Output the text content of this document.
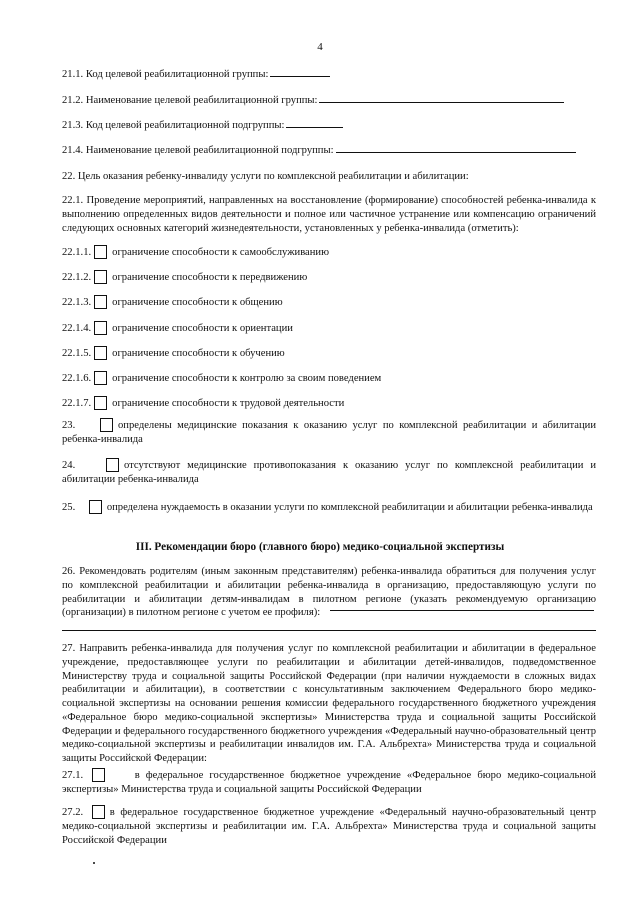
4
21.1. Код целевой реабилитационной группы:
21.2. Наименование целевой реабилитационной группы:
21.3. Код целевой реабилитационной подгруппы:
21.4. Наименование целевой реабилитационной подгруппы:
22. Цель оказания ребенку-инвалиду услуги по комплексной реабилитации и абилитации:
22.1. Проведение мероприятий, направленных на восстановление (формирование) способностей ребенка-инвалида к выполнению определенных видов деятельности и полное или частичное устранение или компенсацию ограничений следующих основных категорий жизнедеятельности, установленных у ребенка-инвалида (отметить):
22.1.1. ограничение способности к самообслуживанию
22.1.2. ограничение способности к передвижению
22.1.3. ограничение способности к общению
22.1.4. ограничение способности к ориентации
22.1.5. ограничение способности к обучению
22.1.6. ограничение способности к контролю за своим поведением
22.1.7. ограничение способности к трудовой деятельности
23.	определены медицинские показания к оказанию услуг по комплексной реабилитации и абилитации ребенка-инвалида
24.	отсутствуют медицинские противопоказания к оказанию услуг по комплексной реабилитации и абилитации ребенка-инвалида
25.	определена нуждаемость в оказании услуги по комплексной реабилитации и абилитации ребенка-инвалида
III. Рекомендации бюро (главного бюро) медико-социальной экспертизы
26. Рекомендовать родителям (иным законным представителям) ребенка-инвалида обратиться для получения услуг по комплексной реабилитации и абилитации ребенка-инвалида в организацию, предоставляющую услуги по реабилитации и абилитации детям-инвалидам в пилотном регионе (указать рекомендуемую организацию (организации) в пилотном регионе с учетом ее профиля):
27. Направить ребенка-инвалида для получения услуг по комплексной реабилитации и абилитации в федеральное учреждение, предоставляющее услуги по реабилитации и абилитации детей-инвалидов, подведомственное Министерству труда и социальной защиты Российской Федерации (при наличии нуждаемости в сложных видах реабилитации и абилитации), в соответствии с консультативным заключением Федерального бюро медико-социальной экспертизы на основании решения комиссии федерального государственного бюджетного учреждения «Федеральное бюро медико-социальной экспертизы» Министерства труда и социальной защиты Российской Федерации и федерального государственного бюджетного учреждения «Федеральный научно-образовательный центр медико-социальной экспертизы и реабилитации инвалидов им. Г.А. Альбрехта» Министерства труда и социальной защиты Российской Федерации:
27.1.	в федеральное государственное бюджетное учреждение «Федеральное бюро медико-социальной экспертизы» Министерства труда и социальной защиты Российской Федерации
27.2.	в федеральное государственное бюджетное учреждение «Федеральный научно-образовательный центр медико-социальной экспертизы и реабилитации им. Г.А. Альбрехта» Министерства труда и социальной защиты Российской Федерации
